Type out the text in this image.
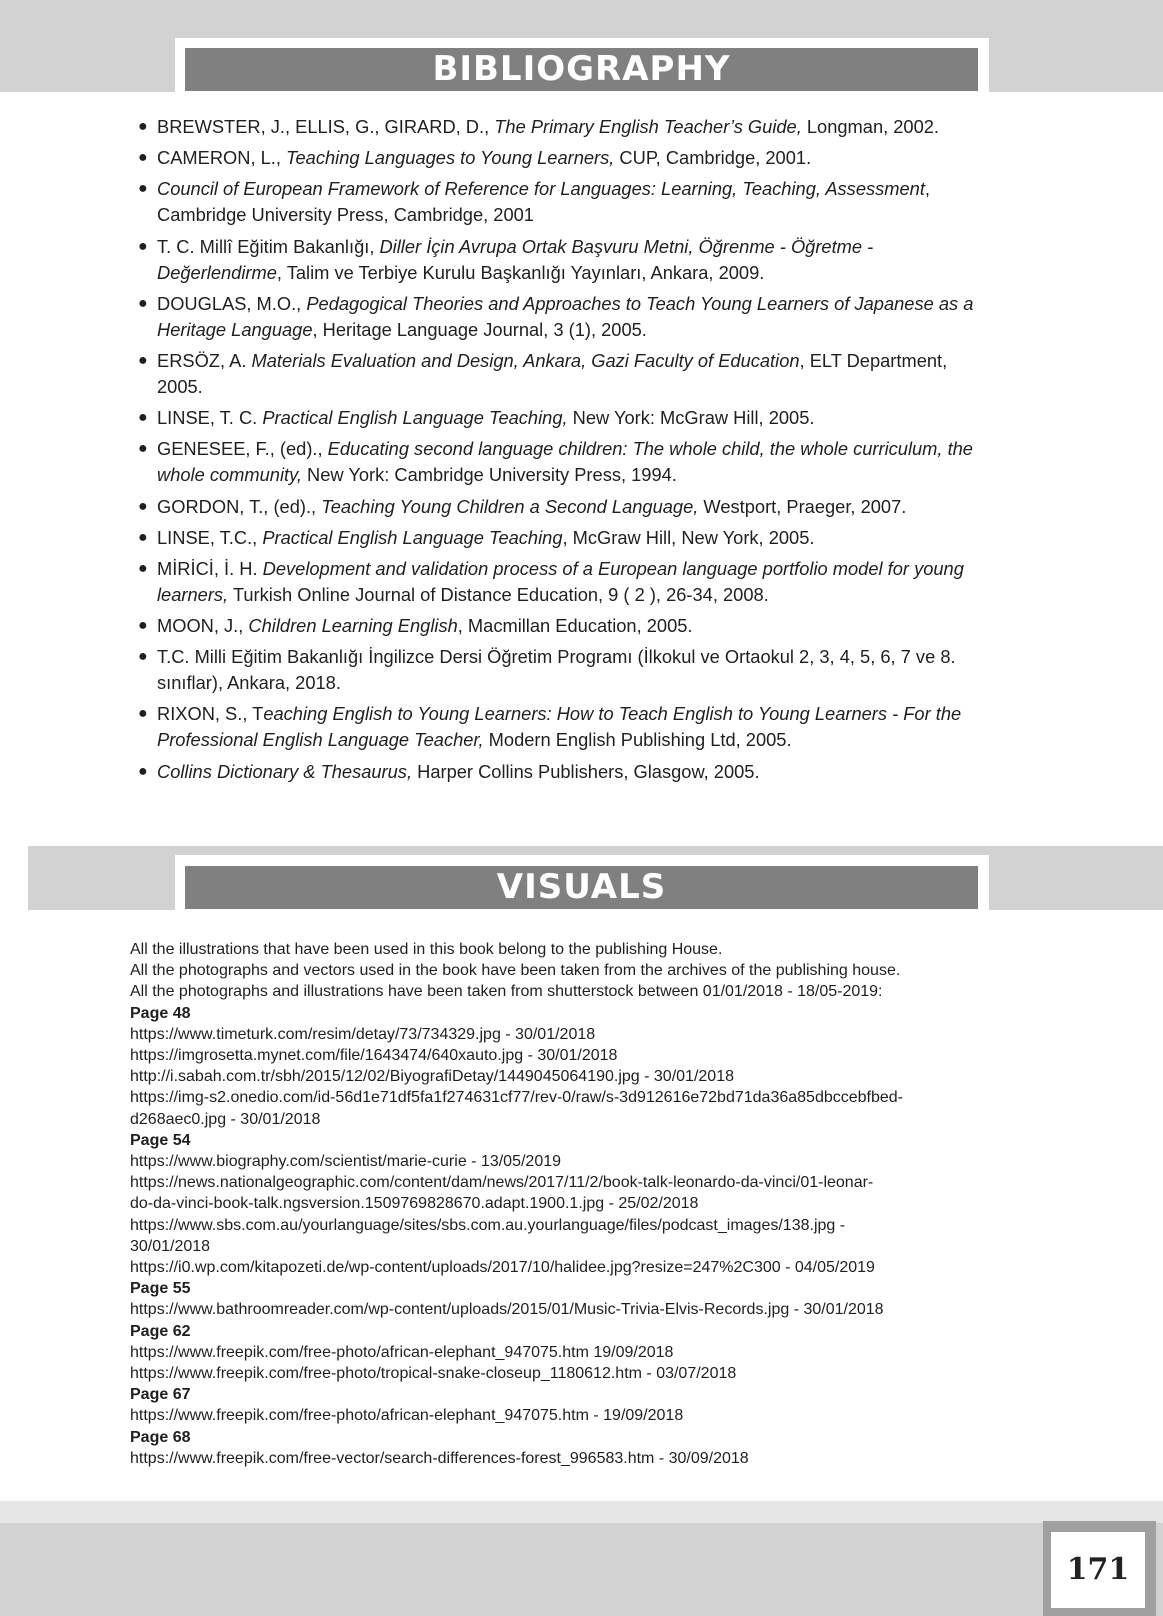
BIBLIOGRAPHY
● BREWSTER, J., ELLIS, G., GIRARD, D., The Primary English Teacher’s Guide, Longman, 2002.
● CAMERON, L., Teaching Languages to Young Learners, CUP, Cambridge, 2001.
● Council of European Framework of Reference for Languages: Learning, Teaching, Assessment, Cambridge University Press, Cambridge, 2001
● T. C. Millî Eğitim Bakanlığı, Diller İçin Avrupa Ortak Başvuru Metni, Öğrenme - Öğretme - Değerlendirme, Talim ve Terbiye Kurulu Başkanlığı Yayınları, Ankara, 2009.
● DOUGLAS, M.O., Pedagogical Theories and Approaches to Teach Young Learners of Japanese as a Heritage Language, Heritage Language Journal, 3 (1), 2005.
● ERSÖZ, A. Materials Evaluation and Design, Ankara, Gazi Faculty of Education, ELT Department, 2005.
● LINSE, T. C. Practical English Language Teaching, New York: McGraw Hill, 2005.
● GENESEE, F., (ed)., Educating second language children: The whole child, the whole curriculum, the whole community, New York: Cambridge University Press, 1994.
● GORDON, T., (ed)., Teaching Young Children a Second Language, Westport, Praeger, 2007.
● LINSE, T.C., Practical English Language Teaching, McGraw Hill, New York, 2005.
● MİRİCİ, İ. H. Development and validation process of a European language portfolio model for young learners, Turkish Online Journal of Distance Education, 9 ( 2 ), 26-34, 2008.
● MOON, J., Children Learning English, Macmillan Education, 2005.
● T.C. Milli Eğitim Bakanlığı İngilizce Dersi Öğretim Programı (İlkokul ve Ortaokul 2, 3, 4, 5, 6, 7 ve 8. sınıflar), Ankara, 2018.
● RIXON, S., Teaching English to Young Learners: How to Teach English to Young Learners - For the Professional English Language Teacher, Modern English Publishing Ltd, 2005.
● Collins Dictionary & Thesaurus, Harper Collins Publishers, Glasgow, 2005.
VISUALS
All the illustrations that have been used in this book belong to the publishing House.
All the photographs and vectors used in the book have been taken from the archives of the publishing house.
All the photographs and illustrations have been taken from shutterstock between 01/01/2018 - 18/05-2019:
Page 48
https://www.timeturk.com/resim/detay/73/734329.jpg - 30/01/2018
https://imgrosetta.mynet.com/file/1643474/640xauto.jpg - 30/01/2018
http://i.sabah.com.tr/sbh/2015/12/02/BiyografiDetay/1449045064190.jpg - 30/01/2018
https://img-s2.onedio.com/id-56d1e71df5fa1f274631cf77/rev-0/raw/s-3d912616e72bd71da36a85dbccebfbed-
d268aec0.jpg - 30/01/2018
Page 54
https://www.biography.com/scientist/marie-curie - 13/05/2019
https://news.nationalgeographic.com/content/dam/news/2017/11/2/book-talk-leonardo-da-vinci/01-leonar-
do-da-vinci-book-talk.ngsversion.1509769828670.adapt.1900.1.jpg - 25/02/2018
https://www.sbs.com.au/yourlanguage/sites/sbs.com.au.yourlanguage/files/podcast_images/138.jpg -
30/01/2018
https://i0.wp.com/kitapozeti.de/wp-content/uploads/2017/10/halidee.jpg?resize=247%2C300 - 04/05/2019
Page 55
https://www.bathroomreader.com/wp-content/uploads/2015/01/Music-Trivia-Elvis-Records.jpg - 30/01/2018
Page 62
https://www.freepik.com/free-photo/african-elephant_947075.htm 19/09/2018
https://www.freepik.com/free-photo/tropical-snake-closeup_1180612.htm - 03/07/2018
Page 67
https://www.freepik.com/free-photo/african-elephant_947075.htm - 19/09/2018
Page 68
https://www.freepik.com/free-vector/search-differences-forest_996583.htm - 30/09/2018
171
